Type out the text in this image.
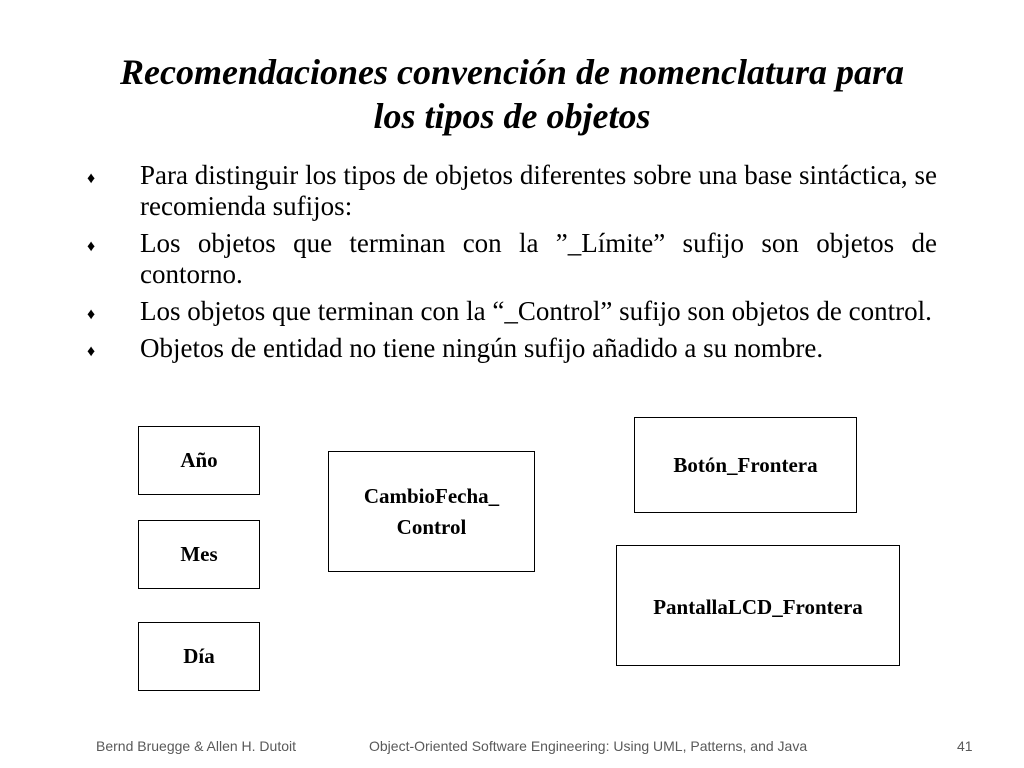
Recomendaciones convención de nomenclatura para
los tipos de objetos
♦ Para distinguir los tipos de objetos diferentes sobre una base sintáctica, se recomienda sufijos:
♦ Los objetos que terminan con la ”_Límite” sufijo son objetos de contorno.
♦ Los objetos que terminan con la “_Control” sufijo son objetos de control.
♦ Objetos de entidad no tiene ningún sufijo añadido a su nombre.
Año
Mes
Día
CambioFecha_
Control
Botón_Frontera
PantallaLCD_Frontera
Bernd Bruegge & Allen H. Dutoit	Object-Oriented Software Engineering: Using UML, Patterns, and Java	41
